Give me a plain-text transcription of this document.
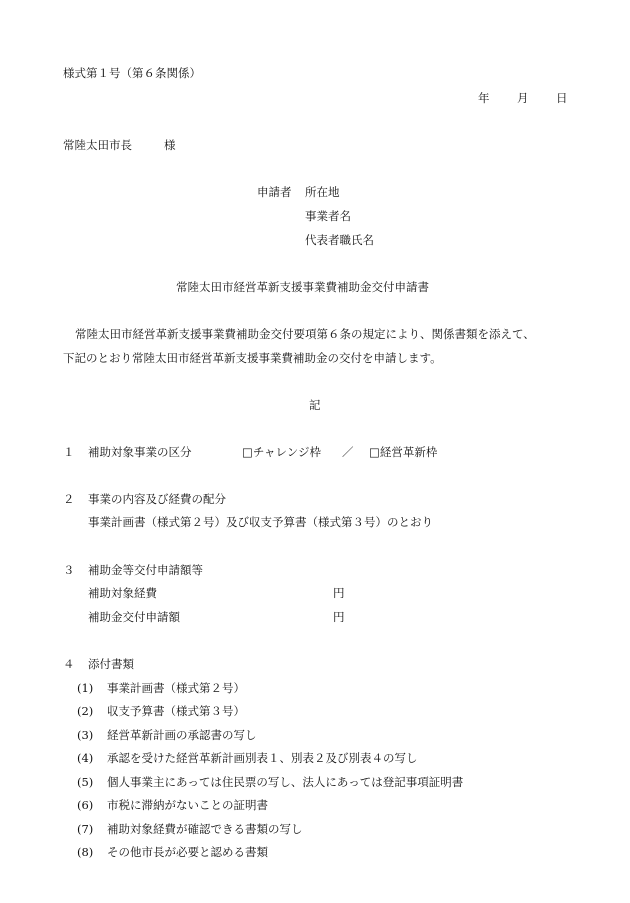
様式第１号（第６条関係）
年 月 日
常陸太田市長	様
申請者 所在地
事業者名
代表者職氏名
常陸太田市経営革新支援事業費補助金交付申請書
常陸太田市経営革新支援事業費補助金交付要項第６条の規定により、関係書類を添えて、
下記のとおり常陸太田市経営革新支援事業費補助金の交付を申請します。
記
１ 補助対象事業の区分	□チャレンジ枠 ／ □経営革新枠
２ 事業の内容及び経費の配分
事業計画書（様式第２号）及び収支予算書（様式第３号）のとおり
３ 補助金等交付申請額等
補助対象経費	円
補助金交付申請額	円
４ 添付書類
(1) 事業計画書（様式第２号）
(2) 収支予算書（様式第３号）
(3) 経営革新計画の承認書の写し
(4) 承認を受けた経営革新計画別表１、別表２及び別表４の写し
(5) 個人事業主にあっては住民票の写し、法人にあっては登記事項証明書
(6) 市税に滞納がないことの証明書
(7) 補助対象経費が確認できる書類の写し
(8) その他市長が必要と認める書類
